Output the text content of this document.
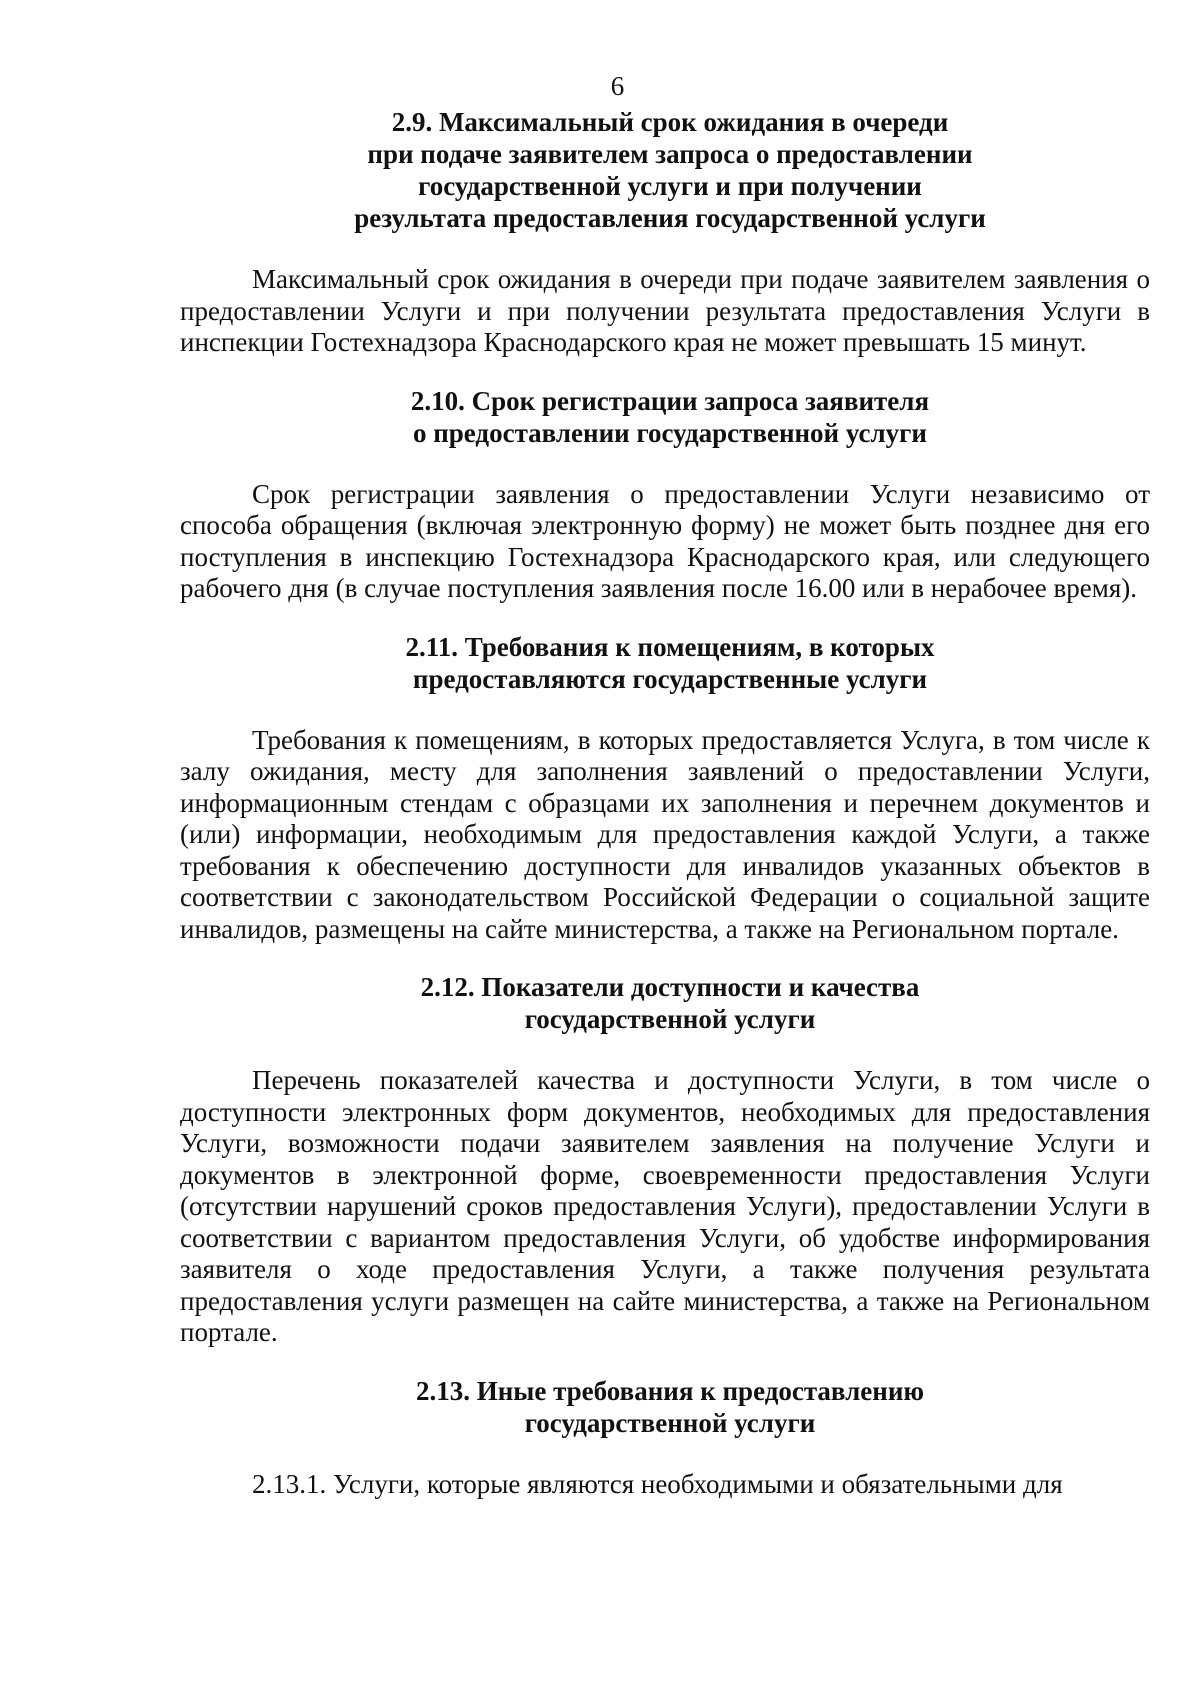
6
2.9. Максимальный срок ожидания в очереди
при подаче заявителем запроса о предоставлении
государственной услуги и при получении
результата предоставления государственной услуги

Максимальный срок ожидания в очереди при подаче заявителем заявления о предоставлении Услуги и при получении результата предоставления Услуги в инспекции Гостехнадзора Краснодарского края не может превышать 15 минут.

2.10. Срок регистрации запроса заявителя
о предоставлении государственной услуги

Срок регистрации заявления о предоставлении Услуги независимо от способа обращения (включая электронную форму) не может быть позднее дня его поступления в инспекцию Гостехнадзора Краснодарского края, или следующего рабочего дня (в случае поступления заявления после 16.00 или в нерабочее время).

2.11. Требования к помещениям, в которых
предоставляются государственные услуги

Требования к помещениям, в которых предоставляется Услуга, в том числе к залу ожидания, месту для заполнения заявлений о предоставлении Услуги, информационным стендам с образцами их заполнения и перечнем документов и (или) информации, необходимым для предоставления каждой Услуги, а также требования к обеспечению доступности для инвалидов указанных объектов в соответствии с законодательством Российской Федерации о социальной защите инвалидов, размещены на сайте министерства, а также на Региональном портале.

2.12. Показатели доступности и качества
государственной услуги

Перечень показателей качества и доступности Услуги, в том числе о доступности электронных форм документов, необходимых для предоставления Услуги, возможности подачи заявителем заявления на получение Услуги и документов в электронной форме, своевременности предоставления Услуги (отсутствии нарушений сроков предоставления Услуги), предоставлении Услуги в соответствии с вариантом предоставления Услуги, об удобстве информирования заявителя о ходе предоставления Услуги, а также получения результата предоставления услуги размещен на сайте министерства, а также на Региональном портале.

2.13. Иные требования к предоставлению
государственной услуги

2.13.1. Услуги, которые являются необходимыми и обязательными для
